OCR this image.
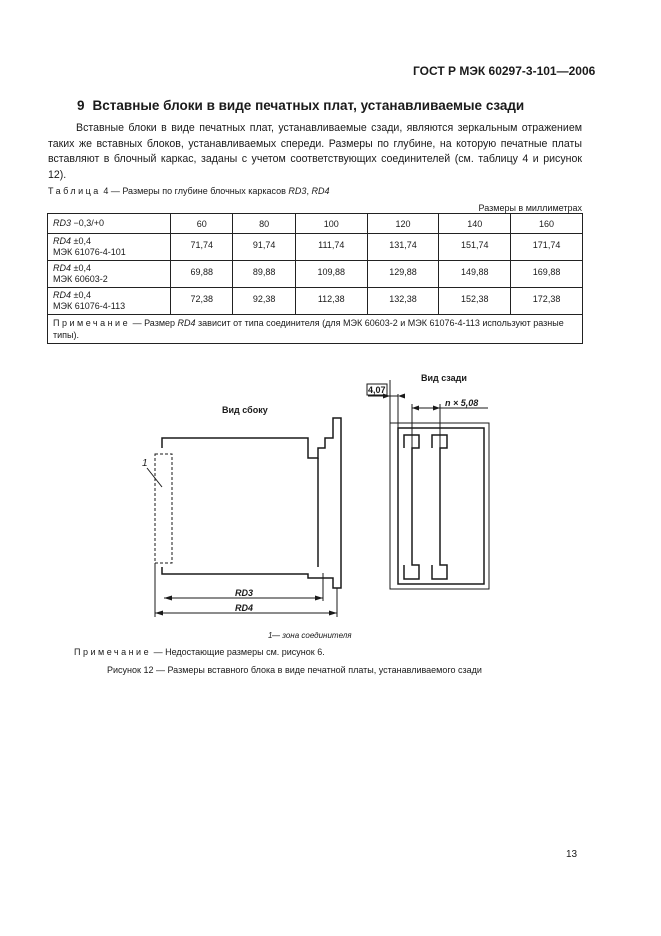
ГОСТ Р МЭК 60297-3-101—2006
9 Вставные блоки в виде печатных плат, устанавливаемые сзади
Вставные блоки в виде печатных плат, устанавливаемые сзади, являются зеркальным отражением таких же вставных блоков, устанавливаемых спереди. Размеры по глубине, на которую печатные платы вставляют в блочный каркас, заданы с учетом соответствующих соединителей (см. таблицу 4 и рисунок 12).
Таблица 4 — Размеры по глубине блочных каркасов RD3, RD4
Размеры в миллиметрах
RD3 −0,3/+0	60	80	100	120	140	160
RD4 ±0,4
МЭК 61076-4-101	71,74	91,74	111,74	131,74	151,74	171,74
RD4 ±0,4
МЭК 60603-2	69,88	89,88	109,88	129,88	149,88	169,88
RD4 ±0,4
МЭК 61076-4-113	72,38	92,38	112,38	132,38	152,38	172,38
Примечание — Размер RD4 зависит от типа соединителя (для МЭК 60603-2 и МЭК 61076-4-113 используют разные типы).						
Вид сбоку
1
RD3
RD4
Вид сзади
4,07
n × 5,08
1 — зона соединителя
Примечание — Недостающие размеры см. рисунок 6.
Рисунок 12 — Размеры вставного блока в виде печатной платы, устанавливаемого сзади
13
